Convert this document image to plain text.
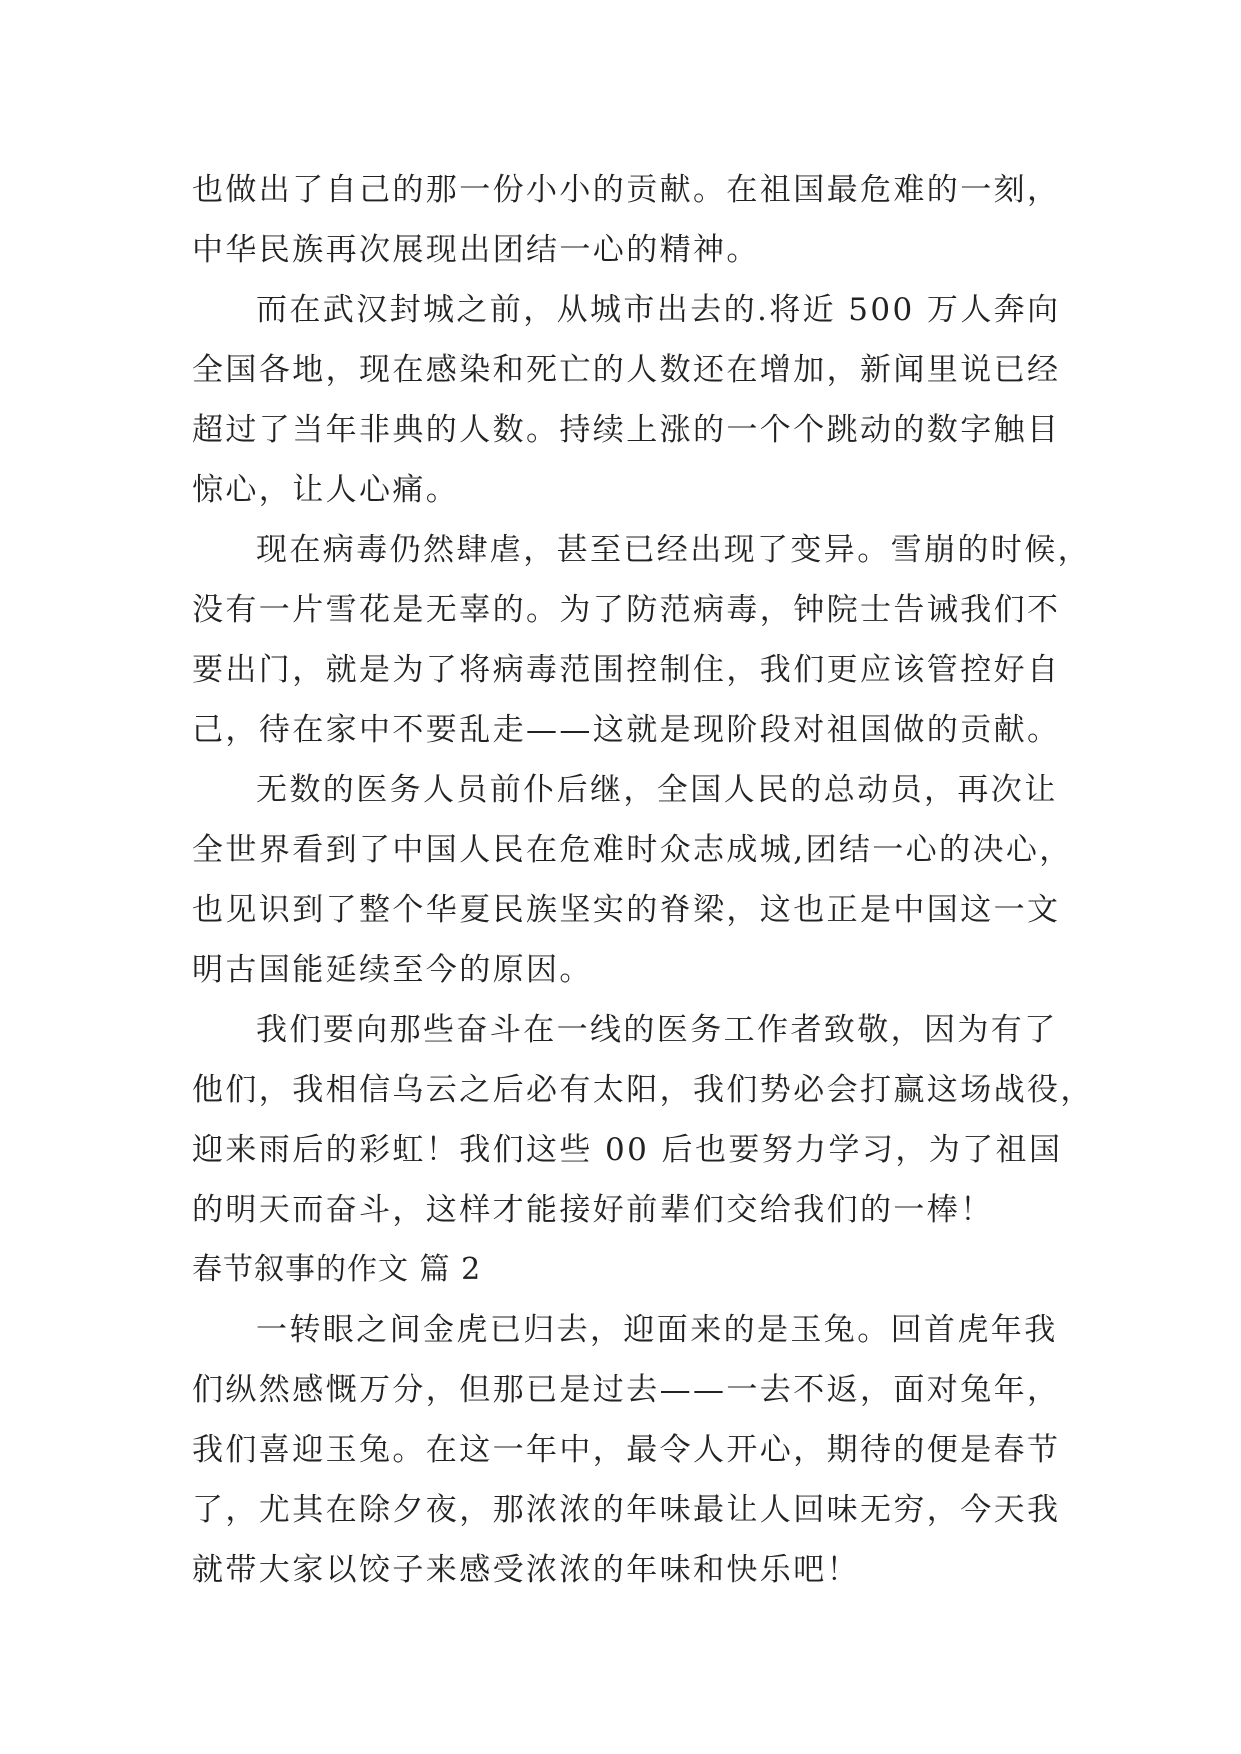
也做出了自己的那一份小小的贡献。在祖国最危难的一刻，
中华民族再次展现出团结一心的精神。
而在武汉封城之前，从城市出去的.将近 500 万人奔向
全国各地，现在感染和死亡的人数还在增加，新闻里说已经
超过了当年非典的人数。持续上涨的一个个跳动的数字触目
惊心，让人心痛。
现在病毒仍然肆虐，甚至已经出现了变异。雪崩的时候，
没有一片雪花是无辜的。为了防范病毒，钟院士告诫我们不
要出门，就是为了将病毒范围控制住，我们更应该管控好自
己，待在家中不要乱走——这就是现阶段对祖国做的贡献。
无数的医务人员前仆后继，全国人民的总动员，再次让
全世界看到了中国人民在危难时众志成城,团结一心的决心，
也见识到了整个华夏民族坚实的脊梁，这也正是中国这一文
明古国能延续至今的原因。
我们要向那些奋斗在一线的医务工作者致敬，因为有了
他们，我相信乌云之后必有太阳，我们势必会打赢这场战役，
迎来雨后的彩虹！我们这些 00 后也要努力学习，为了祖国
的明天而奋斗，这样才能接好前辈们交给我们的一棒！
春节叙事的作文 篇 2
一转眼之间金虎已归去，迎面来的是玉兔。回首虎年我
们纵然感慨万分，但那已是过去——一去不返，面对兔年，
我们喜迎玉兔。在这一年中，最令人开心，期待的便是春节
了，尤其在除夕夜，那浓浓的年味最让人回味无穷，今天我
就带大家以饺子来感受浓浓的年味和快乐吧！
